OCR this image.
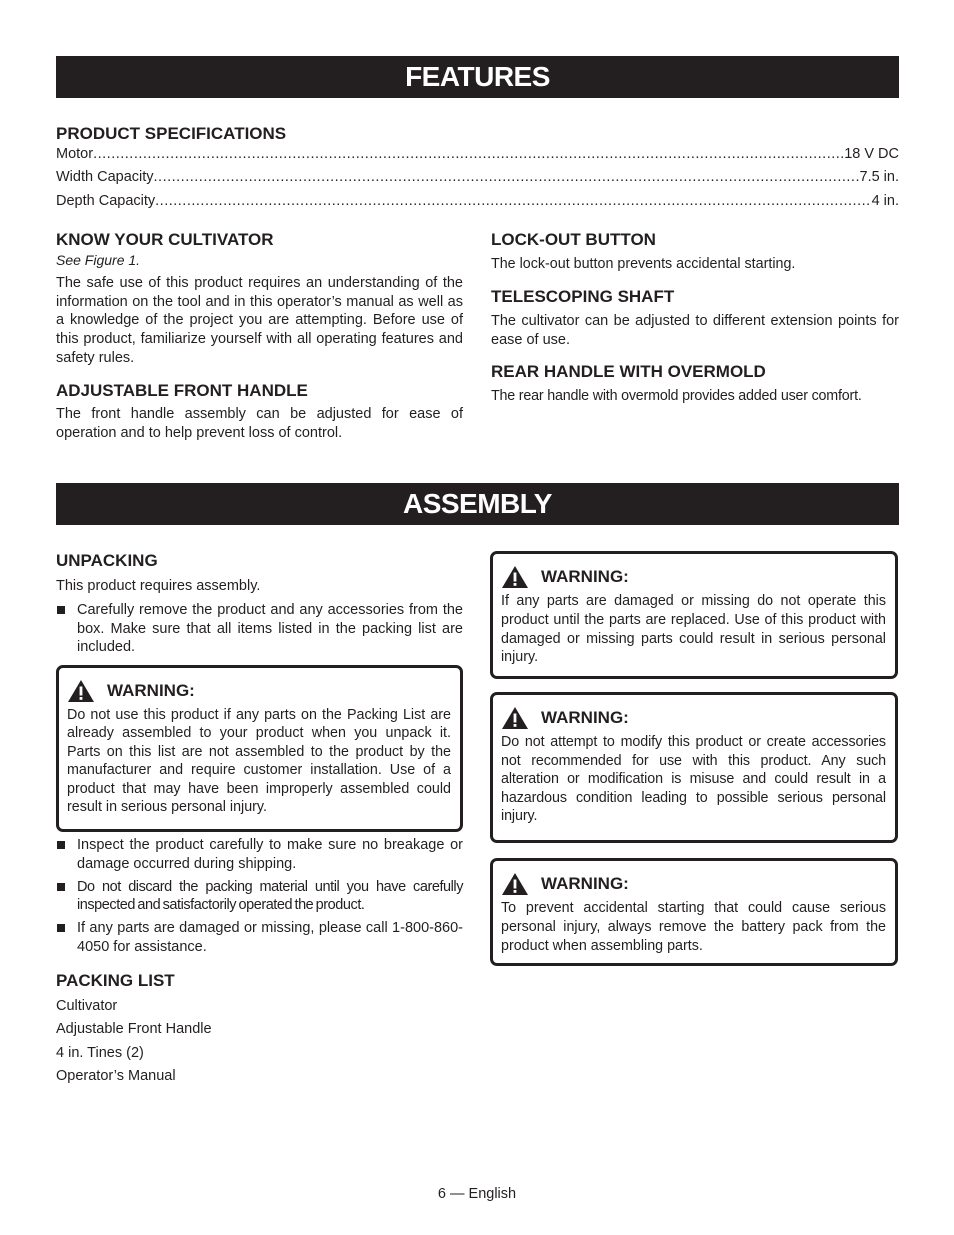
FEATURES
PRODUCT SPECIFICATIONS
Motor .....	18 V DC
Width Capacity .....	7.5 in.
Depth Capacity .....	4 in.
KNOW YOUR CULTIVATOR

See Figure 1.

The safe use of this product requires an understanding of the information on the tool and in this operator’s manual as well as a knowledge of the project you are attempting. Before use of this product, familiarize yourself with all operating features and safety rules.

ADJUSTABLE FRONT HANDLE

The front handle assembly can be adjusted for ease of operation and to help prevent loss of control.

LOCK-OUT BUTTON

The lock-out button prevents accidental starting.

TELESCOPING SHAFT

The cultivator can be adjusted to different extension points for ease of use.

REAR HANDLE WITH OVERMOLD

The rear handle with overmold provides added user comfort.

ASSEMBLY
UNPACKING

This product requires assembly.

Carefully remove the product and any accessories from the box. Make sure that all items listed in the packing list are included.

WARNING:

Do not use this product if any parts on the Packing List are already assembled to your product when you unpack it. Parts on this list are not assembled to the product by the manufacturer and require customer installation. Use of a product that may have been improperly assembled could result in serious personal injury.

Inspect the product carefully to make sure no breakage or damage occurred during shipping.

Do not discard the packing material until you have carefully inspected and satisfactorily operated the product.

If any parts are damaged or missing, please call 1-800-860-4050 for assistance.

PACKING LIST
Cultivator
Adjustable Front Handle
4 in. Tines (2)
Operator’s Manual
WARNING:

If any parts are damaged or missing do not operate this product until the parts are replaced. Use of this product with damaged or missing parts could result in serious personal injury.

WARNING:

Do not attempt to modify this product or create accessories not recommended for use with this product. Any such alteration or modification is misuse and could result in a hazardous condition leading to possible serious personal injury.

WARNING:

To prevent accidental starting that could cause serious personal injury, always remove the battery pack from the product when assembling parts.

6 — English
